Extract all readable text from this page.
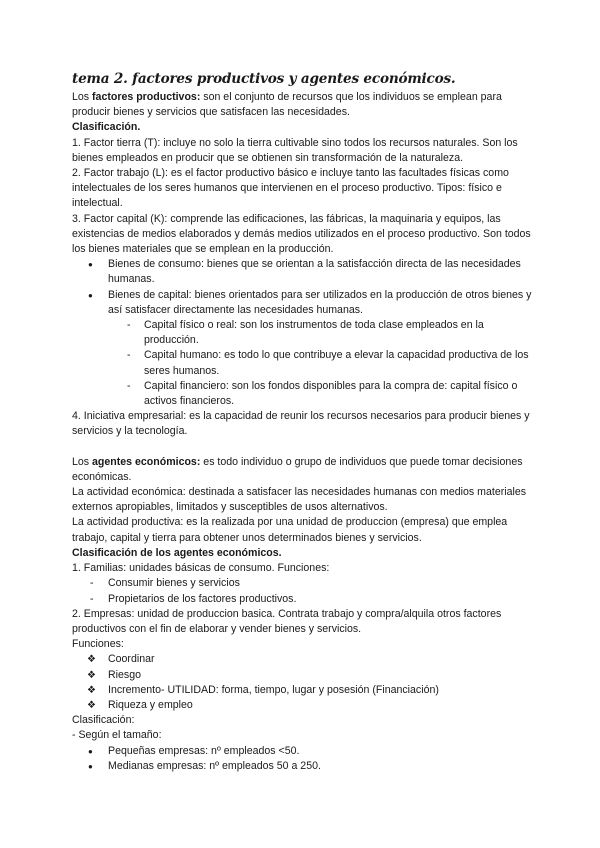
tema 2. factores productivos y agentes económicos.

Los factores productivos: son el conjunto de recursos que los individuos se emplean para producir bienes y servicios que satisfacen las necesidades.

Clasificación.

1. Factor tierra (T): incluye no solo la tierra cultivable sino todos los recursos naturales. Son los bienes empleados en producir que se obtienen sin transformación de la naturaleza.

2. Factor trabajo (L): es el factor productivo básico e incluye tanto las facultades físicas como intelectuales de los seres humanos que intervienen en el proceso productivo. Tipos: físico e intelectual.

3. Factor capital (K): comprende las edificaciones, las fábricas, la maquinaria y equipos, las existencias de medios elaborados y demás medios utilizados en el proceso productivo. Son todos los bienes materiales que se emplean en la producción.

● Bienes de consumo: bienes que se orientan a la satisfacción directa de las necesidades humanas.
● Bienes de capital: bienes orientados para ser utilizados en la producción de otros bienes y así satisfacer directamente las necesidades humanas.
- Capital físico o real: son los instrumentos de toda clase empleados en la producción.
- Capital humano: es todo lo que contribuye a elevar la capacidad productiva de los seres humanos.
- Capital financiero: son los fondos disponibles para la compra de: capital físico o activos financieros.

4. Iniciativa empresarial: es la capacidad de reunir los recursos necesarios para producir bienes y servicios y la tecnología.

Los agentes económicos: es todo individuo o grupo de individuos que puede tomar decisiones económicas.

La actividad económica: destinada a satisfacer las necesidades humanas con medios materiales externos apropiables, limitados y susceptibles de usos alternativos.

La actividad productiva: es la realizada por una unidad de produccion (empresa) que emplea trabajo, capital y tierra para obtener unos determinados bienes y servicios.

Clasificación de los agentes económicos.

1. Familias: unidades básicas de consumo. Funciones:

- Consumir bienes y servicios
- Propietarios de los factores productivos.

2. Empresas: unidad de produccion basica. Contrata trabajo y compra/alquila otros factores productivos con el fin de elaborar y vender bienes y servicios.

Funciones:

❖ Coordinar
❖ Riesgo
❖ Incremento- UTILIDAD: forma, tiempo, lugar y posesión (Financiación)
❖ Riqueza y empleo

Clasificación:

- Según el tamaño:

● Pequeñas empresas: nº empleados <50.
● Medianas empresas: nº empleados 50 a 250.
